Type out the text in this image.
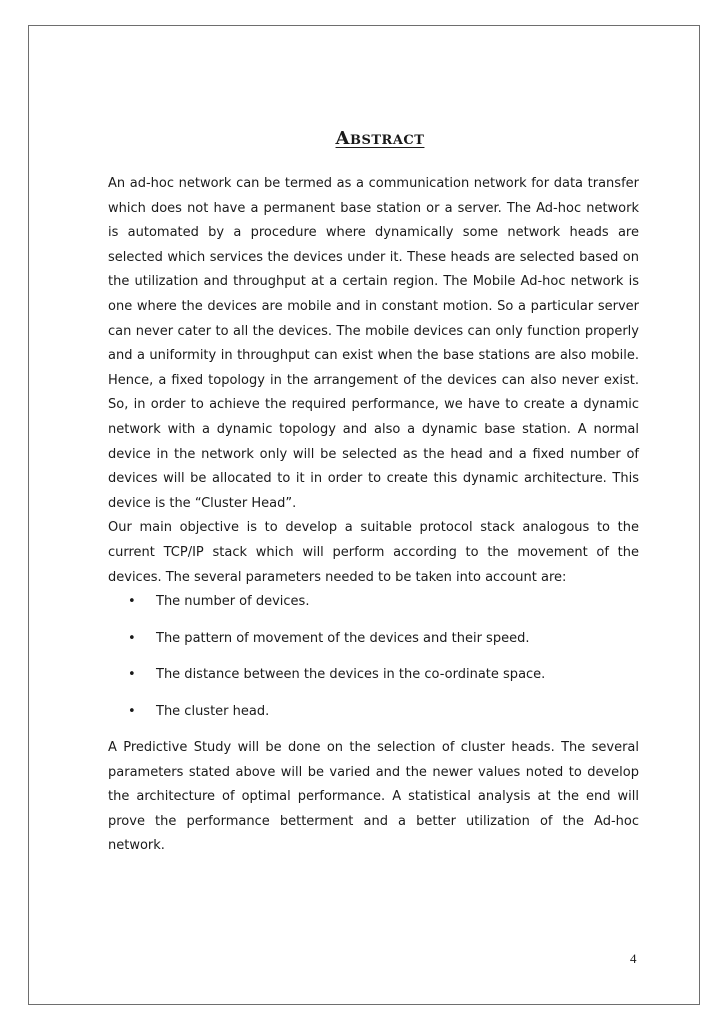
Abstract

An ad-hoc network can be termed as a communication network for data transfer which does not have a permanent base station or a server. The Ad-hoc network is automated by a procedure where dynamically some network heads are selected which services the devices under it. These heads are selected based on the utilization and throughput at a certain region. The Mobile Ad-hoc network is one where the devices are mobile and in constant motion. So a particular server can never cater to all the devices. The mobile devices can only function properly and a uniformity in throughput can exist when the base stations are also mobile. Hence, a fixed topology in the arrangement of the devices can also never exist. So, in order to achieve the required performance, we have to create a dynamic network with a dynamic topology and also a dynamic base station. A normal device in the network only will be selected as the head and a fixed number of devices will be allocated to it in order to create this dynamic architecture. This device is the “Cluster Head”.

Our main objective is to develop a suitable protocol stack analogous to the current TCP/IP stack which will perform according to the movement of the devices. The several parameters needed to be taken into account are:

• The number of devices.
• The pattern of movement of the devices and their speed.
• The distance between the devices in the co-ordinate space.
• The cluster head.

A Predictive Study will be done on the selection of cluster heads. The several parameters stated above will be varied and the newer values noted to develop the architecture of optimal performance. A statistical analysis at the end will prove the performance betterment and a better utilization of the Ad-hoc network.

4
